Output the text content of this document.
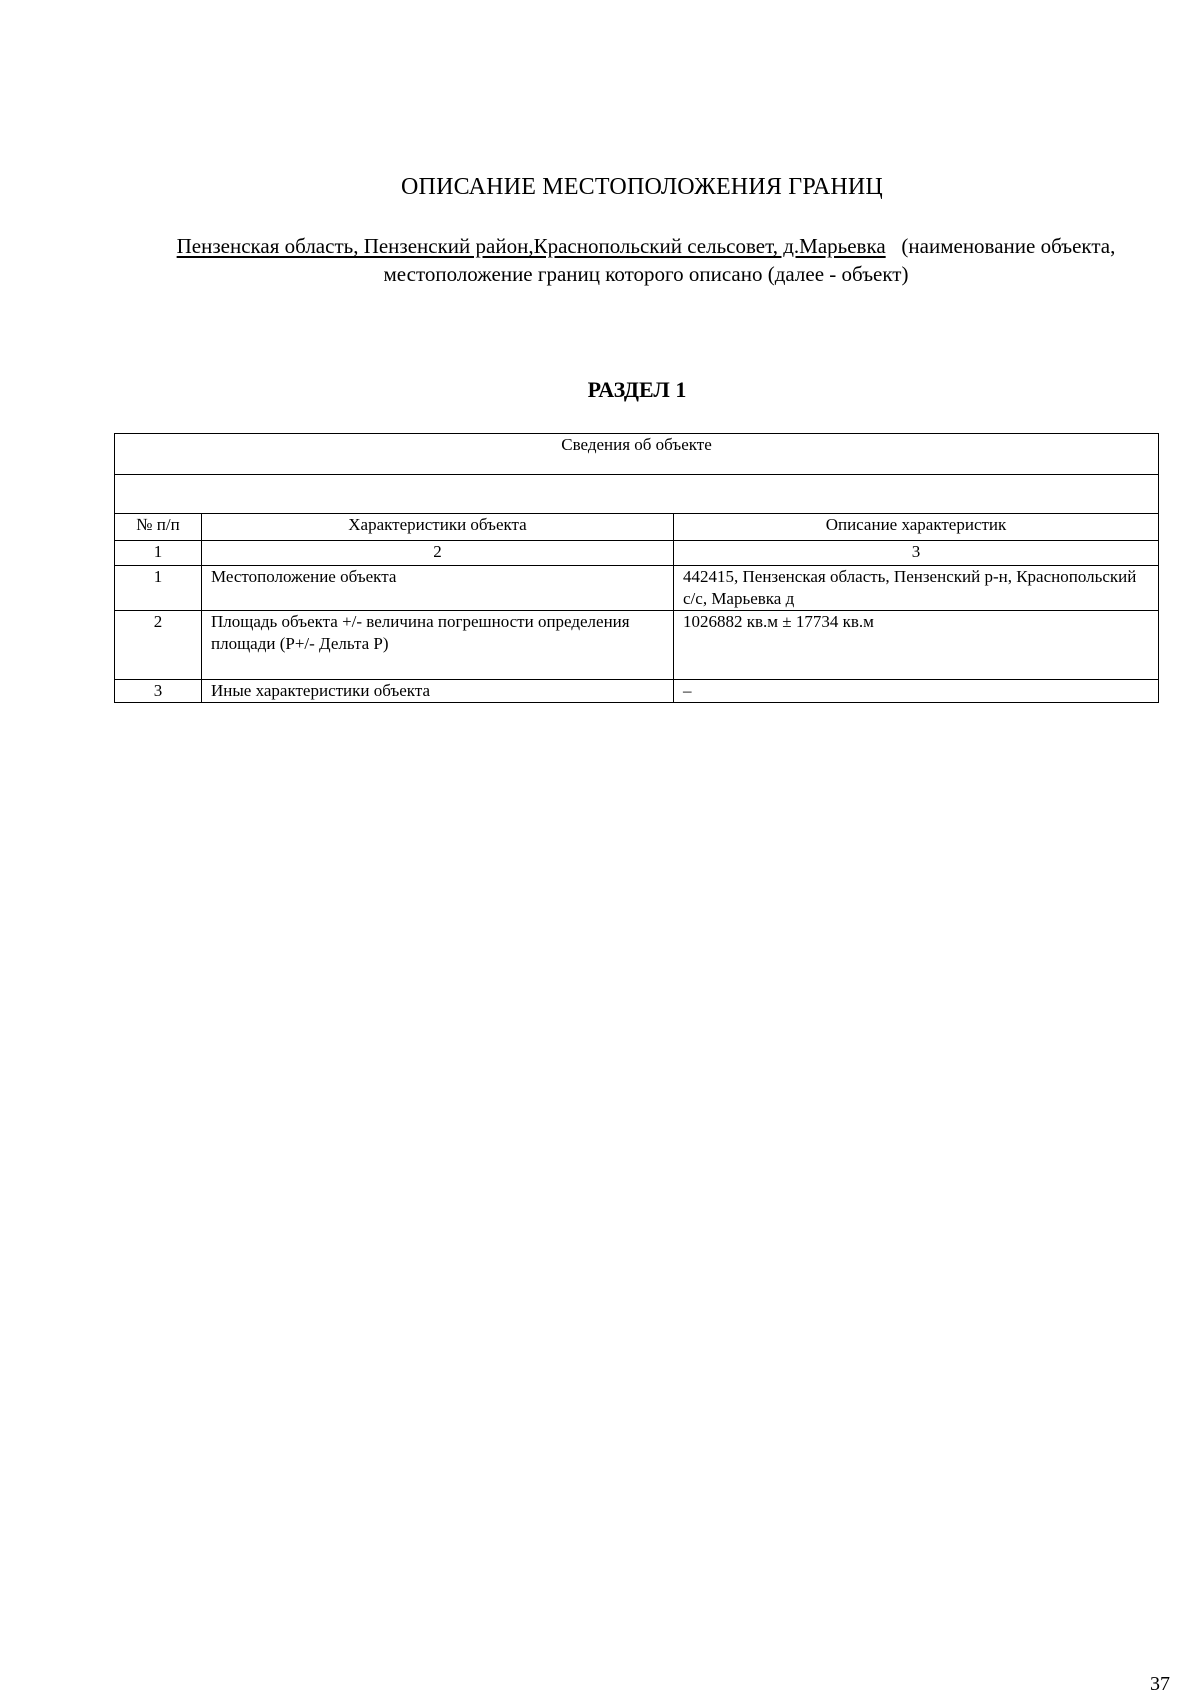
ОПИСАНИЕ МЕСТОПОЛОЖЕНИЯ ГРАНИЦ
Пензенская область, Пензенский район,Краснопольский сельсовет, д.Марьевка (наименование объекта, местоположение границ которого описано (далее - объект)
РАЗДЕЛ 1
Сведения об объекте		

№ п/п	Характеристики объекта	Описание характеристик
1	2	3
1	Местоположение объекта	442415, Пензенская область, Пензенский р-н, Краснопольский с/с, Марьевка д
2	Площадь объекта +/- величина погрешности определения площади (P+/- Дельта P)	1026882 кв.м ± 17734 кв.м
3	Иные характеристики объекта	–
37
